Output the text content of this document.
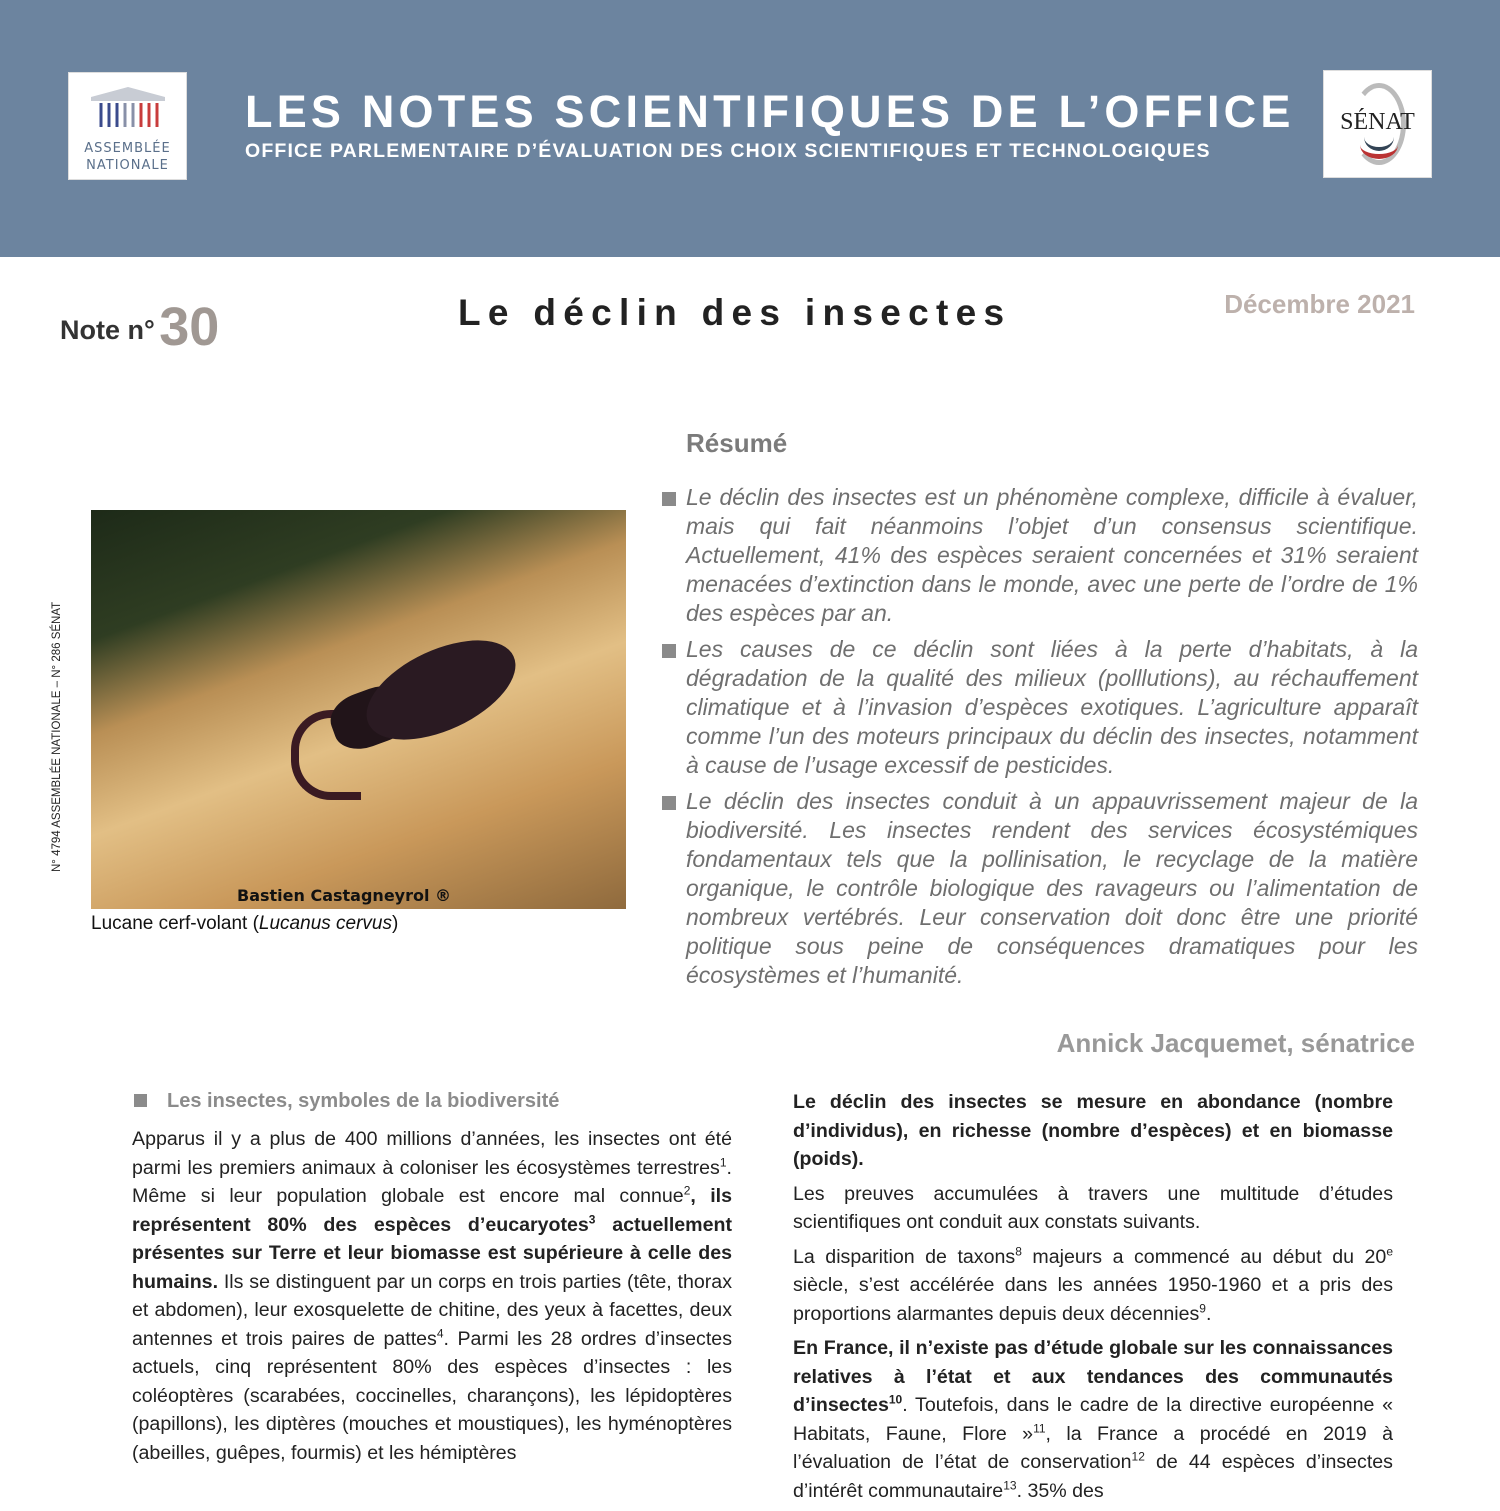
ASSEMBLÉE
NATIONALE
LES NOTES SCIENTIFIQUES DE L’OFFICE
OFFICE PARLEMENTAIRE D’ÉVALUATION DES CHOIX SCIENTIFIQUES ET TECHNOLOGIQUES
SÉNAT
Note n° 30	Le déclin des insectes	Décembre 2021
Résumé
Le déclin des insectes est un phénomène complexe, difficile à évaluer, mais qui fait néanmoins l’objet d’un consensus scientifique. Actuellement, 41% des espèces seraient concernées et 31% seraient menacées d’extinction dans le monde, avec une perte de l’ordre de 1% des espèces par an.
Les causes de ce déclin sont liées à la perte d’habitats, à la dégradation de la qualité des milieux (polllutions), au réchauffement climatique et à l’invasion d’espèces exotiques. L’agriculture apparaît comme l’un des moteurs principaux du déclin des insectes, notamment à cause de l’usage excessif de pesticides.
Le déclin des insectes conduit à un appauvrissement majeur de la biodiversité. Les insectes rendent des services écosystémiques fondamentaux tels que la pollinisation, le recyclage de la matière organique, le contrôle biologique des ravageurs ou l’alimentation de nombreux vertébrés. Leur conservation doit donc être une priorité politique sous peine de conséquences dramatiques pour les écosystèmes et l’humanité.
Annick Jacquemet, sénatrice
Bastien Castagneyrol ®
Lucane cerf-volant (Lucanus cervus)
N° 4794 ASSEMBLÉE NATIONALE – N° 286 SÉNAT
Les insectes, symboles de la biodiversité

Apparus il y a plus de 400 millions d’années, les insectes ont été parmi les premiers animaux à coloniser les écosystèmes terrestres$^1$. Même si leur population globale est encore mal connue$^2$, ils représentent 80% des espèces d’eucaryotes$^3$ actuellement présentes sur Terre et leur biomasse est supérieure à celle des humains. Ils se distinguent par un corps en trois parties (tête, thorax et abdomen), leur exosquelette de chitine, des yeux à facettes, deux antennes et trois paires de pattes$^4$. Parmi les 28 ordres d’insectes actuels, cinq représentent 80% des espèces d’insectes : les coléoptères (scarabées, coccinelles, charançons), les lépidoptères (papillons), les diptères (mouches et moustiques), les hyménoptères (abeilles, guêpes, fourmis) et les hémiptères

Le déclin des insectes se mesure en abondance (nombre d’individus), en richesse (nombre d’espèces) et en biomasse (poids).

Les preuves accumulées à travers une multitude d’études scientifiques ont conduit aux constats suivants.

La disparition de taxons$^8$ majeurs a commencé au début du 20e siècle, s’est accélérée dans les années 1950-1960 et a pris des proportions alarmantes depuis deux décennies$^9$.

En France, il n’existe pas d’étude globale sur les connaissances relatives à l’état et aux tendances des communautés d’insectes$^{10}$. Toutefois, dans le cadre de la directive européenne « Habitats, Faune, Flore »$^{11}$, la France a procédé en 2019 à l’évaluation de l’état de conservation$^{12}$ de 44 espèces d’insectes d’intérêt communautaire$^{13}$. 35% des
